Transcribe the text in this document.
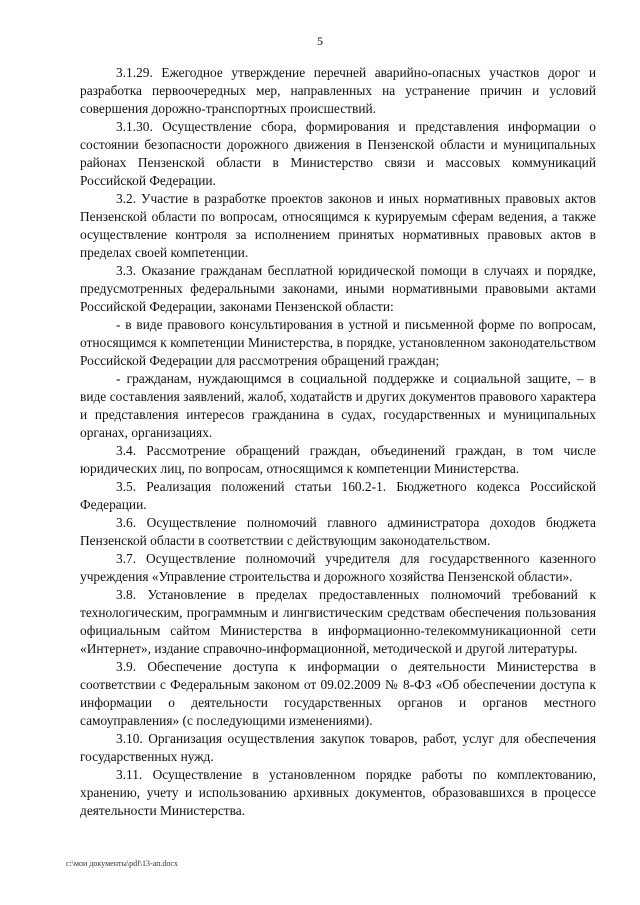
5

3.1.29. Ежегодное утверждение перечней аварийно-опасных участков дорог и разработка первоочередных мер, направленных на устранение причин и условий совершения дорожно-транспортных происшествий.

3.1.30. Осуществление сбора, формирования и представления информации о состоянии безопасности дорожного движения в Пензенской области и муниципальных районах Пензенской области в Министерство связи и массовых коммуникаций Российской Федерации.

3.2. Участие в разработке проектов законов и иных нормативных правовых актов Пензенской области по вопросам, относящимся к курируемым сферам ведения, а также осуществление контроля за исполнением принятых нормативных правовых актов в пределах своей компетенции.

3.3. Оказание гражданам бесплатной юридической помощи в случаях и порядке, предусмотренных федеральными законами, иными нормативными правовыми актами Российской Федерации, законами Пензенской области:

- в виде правового консультирования в устной и письменной форме по вопросам, относящимся к компетенции Министерства, в порядке, установленном законодательством Российской Федерации для рассмотрения обращений граждан;

- гражданам, нуждающимся в социальной поддержке и социальной защите, – в виде составления заявлений, жалоб, ходатайств и других документов правового характера и представления интересов гражданина в судах, государственных и муниципальных органах, организациях.

3.4. Рассмотрение обращений граждан, объединений граждан, в том числе юридических лиц, по вопросам, относящимся к компетенции Министерства.

3.5. Реализация положений статьи 160.2-1. Бюджетного кодекса Российской Федерации.

3.6. Осуществление полномочий главного администратора доходов бюджета Пензенской области в соответствии с действующим законодательством.

3.7. Осуществление полномочий учредителя для государственного казенного учреждения «Управление строительства и дорожного хозяйства Пензенской области».

3.8. Установление в пределах предоставленных полномочий требований к технологическим, программным и лингвистическим средствам обеспечения пользования официальным сайтом Министерства в информационно-телекоммуникационной сети «Интернет», издание справочно-информационной, методической и другой литературы.

3.9. Обеспечение доступа к информации о деятельности Министерства в соответствии с Федеральным законом от 09.02.2009 № 8-ФЗ «Об обеспечении доступа к информации о деятельности государственных органов и органов местного самоуправления» (с последующими изменениями).

3.10. Организация осуществления закупок товаров, работ, услуг для обеспечения государственных нужд.

3.11. Осуществление в установленном порядке работы по комплектованию, хранению, учету и использованию архивных документов, образовавшихся в процессе деятельности Министерства.

c:\мои документы\pdf\13-ап.docx
